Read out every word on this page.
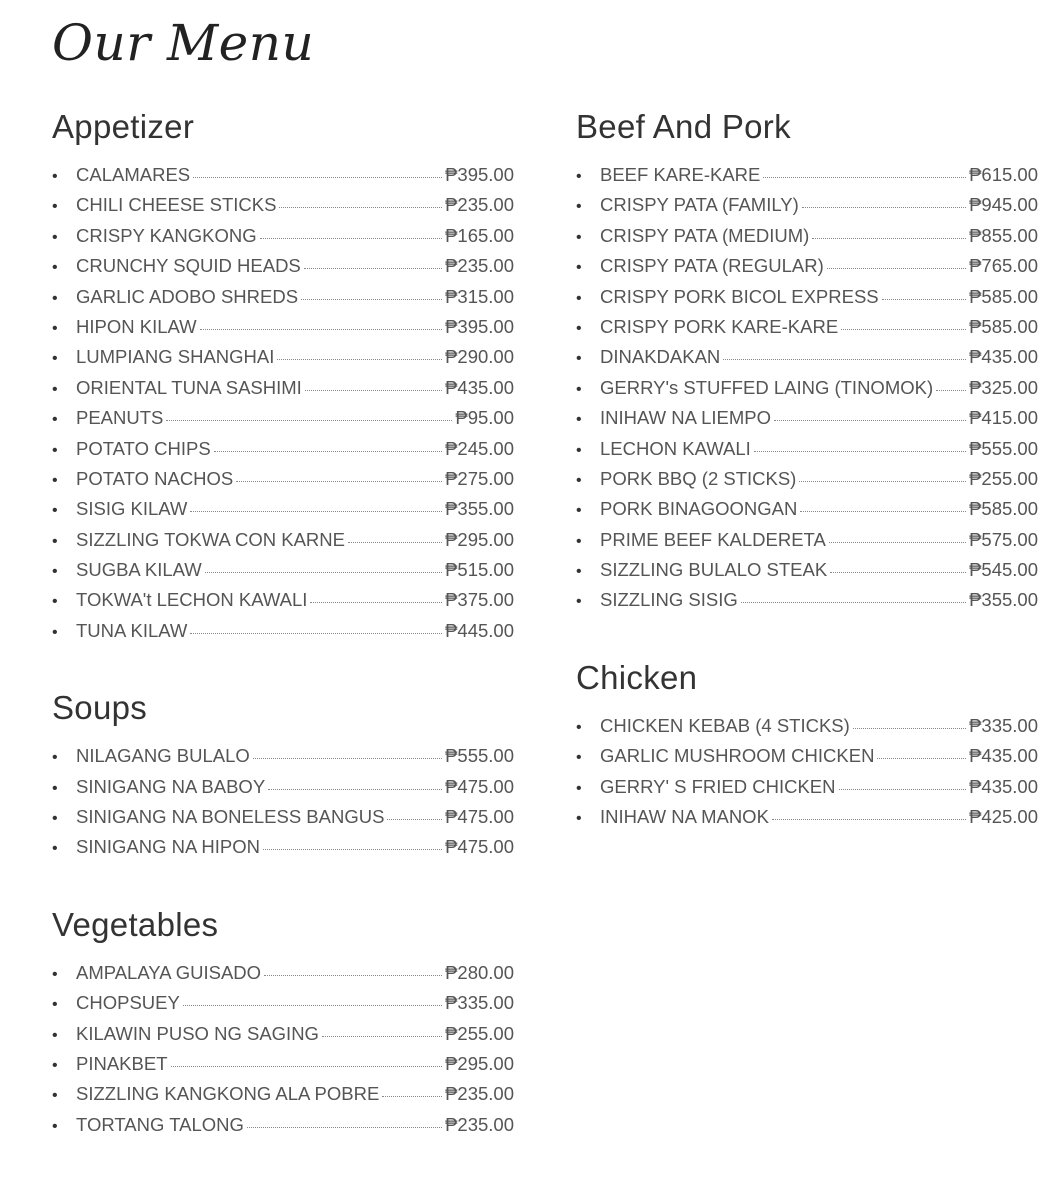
Our Menu
Appetizer
• CALAMARES	₱395.00
• CHILI CHEESE STICKS	₱235.00
• CRISPY KANGKONG	₱165.00
• CRUNCHY SQUID HEADS	₱235.00
• GARLIC ADOBO SHREDS	₱315.00
• HIPON KILAW	₱395.00
• LUMPIANG SHANGHAI	₱290.00
• ORIENTAL TUNA SASHIMI	₱435.00
• PEANUTS	₱95.00
• POTATO CHIPS	₱245.00
• POTATO NACHOS	₱275.00
• SISIG KILAW	₱355.00
• SIZZLING TOKWA CON KARNE	₱295.00
• SUGBA KILAW	₱515.00
• TOKWA't LECHON KAWALI	₱375.00
• TUNA KILAW	₱445.00
Soups
• NILAGANG BULALO	₱555.00
• SINIGANG NA BABOY	₱475.00
• SINIGANG NA BONELESS BANGUS	₱475.00
• SINIGANG NA HIPON	₱475.00
Vegetables
• AMPALAYA GUISADO	₱280.00
• CHOPSUEY	₱335.00
• KILAWIN PUSO NG SAGING	₱255.00
• PINAKBET	₱295.00
• SIZZLING KANGKONG ALA POBRE	₱235.00
• TORTANG TALONG	₱235.00
Beef And Pork
• BEEF KARE-KARE	₱615.00
• CRISPY PATA (FAMILY)	₱945.00
• CRISPY PATA (MEDIUM)	₱855.00
• CRISPY PATA (REGULAR)	₱765.00
• CRISPY PORK BICOL EXPRESS	₱585.00
• CRISPY PORK KARE-KARE	₱585.00
• DINAKDAKAN	₱435.00
• GERRY's STUFFED LAING (TINOMOK) ₱325.00
• INIHAW NA LIEMPO	₱415.00
• LECHON KAWALI	₱555.00
• PORK BBQ (2 STICKS)	₱255.00
• PORK BINAGOONGAN	₱585.00
• PRIME BEEF KALDERETA	₱575.00
• SIZZLING BULALO STEAK	₱545.00
• SIZZLING SISIG	₱355.00
Chicken
• CHICKEN KEBAB (4 STICKS)	₱335.00
• GARLIC MUSHROOM CHICKEN	₱435.00
• GERRY' S FRIED CHICKEN	₱435.00
• INIHAW NA MANOK	₱425.00
